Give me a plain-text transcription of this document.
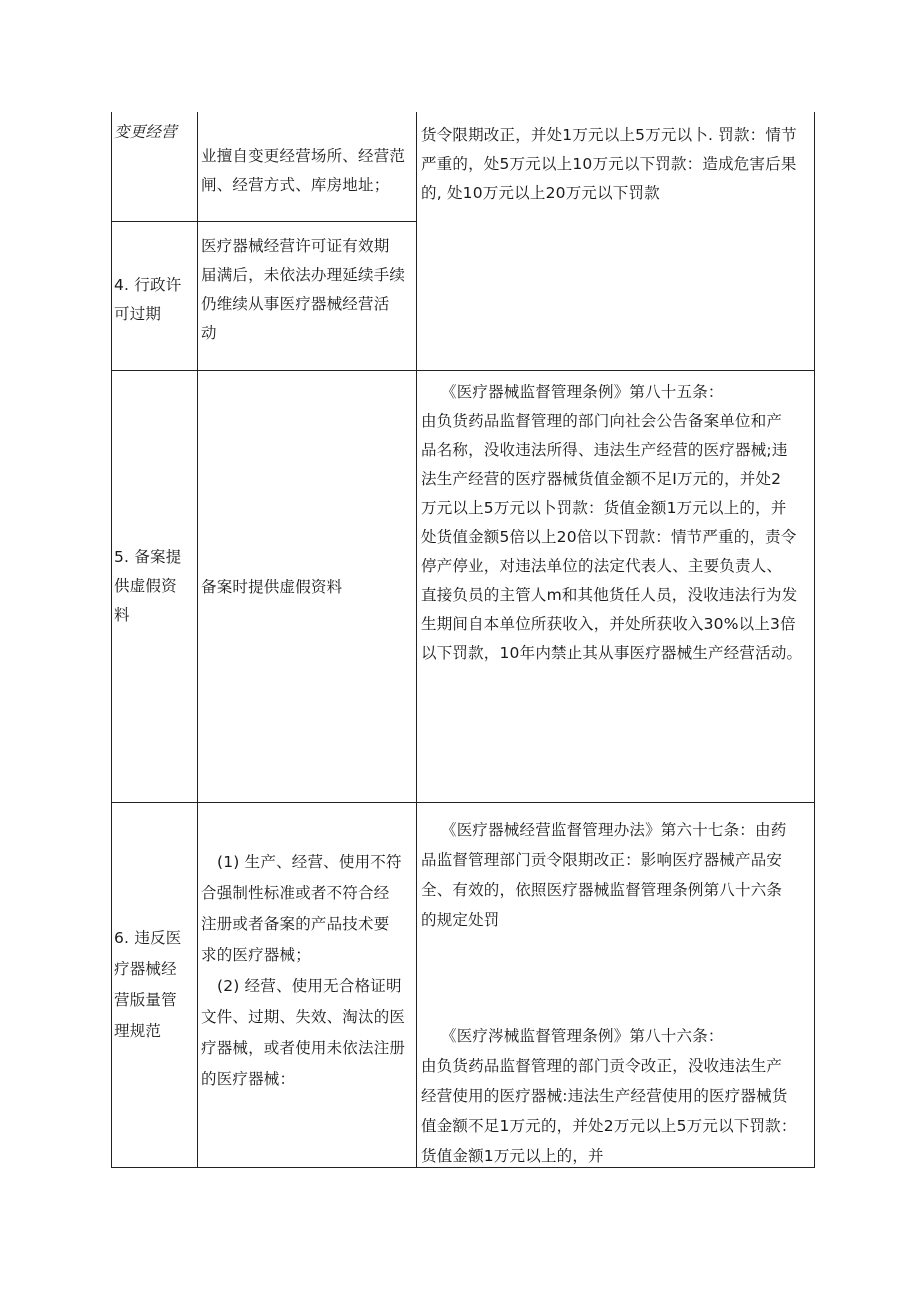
变更经营
业擅自变更经营场所、经营范
闸、经营方式、库房地址；
货令限期改正，并处1万元以上5万元以卜. 罚款：情节
严重的，处5万元以上10万元以下罚款：造成危害后果
的, 处10万元以上20万元以下罚款
4. 行政许
可过期
医疗器械经营许可证有效期
届满后，未依法办理延续手续
仍维续从事医疗器械经营活
动
5. 备案提
供虚假资
料
备案时提供虚假资料
《医疗器械监督管理条例》第八十五条：
由负货药品监督管理的部门向社会公告备案单位和产
品名称，没收违法所得、违法生产经营的医疗器械;违
法生产经营的医疗器械货值金额不足I万元的，并处2
万元以上5万元以卜罚款：货值金额1万元以上的，并
处货值金额5倍以上20倍以下罚款：情节严重的，责令
停产停业，对违法单位的法定代表人、主要负责人、
直接负员的主管人m和其他货任人员，没收违法行为发
生期间自本单位所获收入，并处所获收入30%以上3倍
以下罚款，10年内禁止其从事医疗器械生产经营活动。
6. 违反医
疗器械经
营版量管
理规范
(1) 生产、经营、使用不符
合强制性标准或者不符合经
注册或者备案的产品技术要
求的医疗器械；
(2) 经营、使用无合格证明
文件、过期、失效、淘汰的医
疗器械，或者使用未依法注册
的医疗器械：
《医疗器械经营监督管理办法》第六十七条：由药
品监督管理部门贡令限期改正：影响医疗器械产品安
全、有效的，依照医疗器械监督管理条例第八十六条
的规定处罚
《医疗涔械监督管理条例》第八十六条：
由负货药品监督管理的部门贡令改正，没收违法生产
经营使用的医疗器械:违法生产经营使用的医疗器械货
值金额不足1万元的，并处2万元以上5万元以下罚款：
货值金额1万元以上的，并
